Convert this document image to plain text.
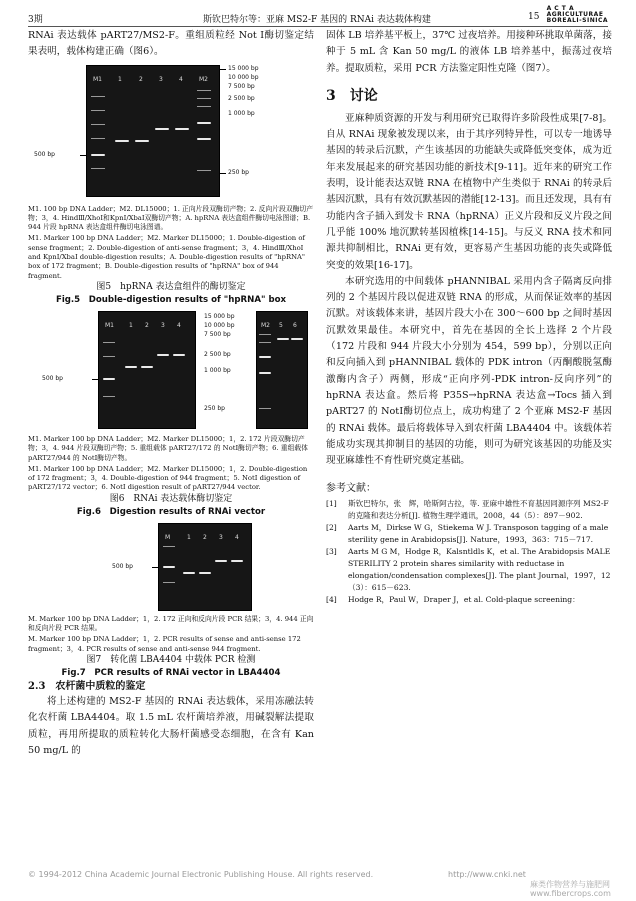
3期	斯钦巴特尔等：亚麻 MS2-F 基因的 RNAi 表达载体构建	15
A C T A
AGRICULTURAE
BOREALI-SINICA

RNAi 表达载体 pART27/MS2-F。重组质粒经 Not Ⅰ酶切鉴定结果表明，载体构建正确（图6）。

500 bp
M1	1	2	3	4	M2
15 000 bp
10 000 bp
7 500 bp
2 500 bp
1 000 bp
250 bp
M1. 100 bp DNA Ladder；M2. DL15000；1. 正向片段双酶切产物；2. 反向片段双酶切产物；3，4. HindⅢ/XhoⅠ和KpnⅠ/XbaⅠ双酶切产物；A. hpRNA 表达盒组件酶切电泳图谱；B. 944 片段 hpRNA 表达盒组件酶切电泳图谱。
M1. Marker 100 bp DNA Ladder；M2. Marker DL15000；1. Double-digestion of sense fragment；2. Double-digestion of anti-sense fragment；3，4. HindⅢ/XhoⅠ and KpnⅠ/XbaⅠ double-digestion results；A. Double-digestion results of "hpRNA" box of 172 fragment；B. Double-digestion results of "hpRNA" box of 944 fragment.
图5　hpRNA 表达盒组件的酶切鉴定
Fig.5　Double-digestion results of "hpRNA" box
500 bp
M1	1 2 3 4	M2 5 6
15 000 bp
10 000 bp
7 500 bp
2 500 bp
1 000 bp
250 bp
M1. Marker 100 bp DNA Ladder；M2. Marker DL15000；1，2. 172 片段双酶切产物；3，4. 944 片段双酶切产物；5. 重组载体 pART27/172 的 NotⅠ酶切产物；6. 重组载体 pART27/944 的 NotⅠ酶切产物。
M1. Marker 100 bp DNA Ladder；M2. Marker DL15000；1，2. Double-digestion of 172 fragment；3，4. Double-digestion of 944 fragment；5. NotⅠ digestion of pART27/172 vector；6. NotⅠ digestion result of pART27/944 vector.
图6　RNAi 表达载体酶切鉴定
Fig.6　Digestion results of RNAi vector
500 bp
M	1 2 3 4
M. Marker 100 bp DNA Ladder；1，2. 172 正向和反向片段 PCR 结果；3，4. 944 正向和反向片段 PCR 结果。
M. Marker 100 bp DNA Ladder；1，2. PCR results of sense and anti-sense 172 fragment；3，4. PCR results of sense and anti-sense 944 fragment.
图7　转化菌 LBA4404 中载体 PCR 检测
Fig.7　PCR results of RNAi vector in LBA4404
2.3　农杆菌中质粒的鉴定

将上述构建的 MS2-F 基因的 RNAi 表达载体，采用冻融法转化农杆菌 LBA4404。取 1.5 mL 农杆菌培养液，用碱裂解法提取质粒，再用所提取的质粒转化大肠杆菌感受态细胞，在含有 Kan 50 mg/L 的

固体 LB 培养基平板上，37℃ 过夜培养。用接种环挑取单菌落，接种于 5 mL 含 Kan 50 mg/L 的液体 LB 培养基中，振荡过夜培养。提取质粒，采用 PCR 方法鉴定阳性克隆（图7）。

3　讨论

亚麻种质资源的开发与利用研究已取得许多阶段性成果[7-8]。自从 RNAi 现象被发现以来，由于其序列特异性，可以专一地诱导基因的转录后沉默，产生该基因的功能缺失或降低突变体，成为近年来发展起来的研究基因功能的新技术[9-11]。近年来的研究工作表明，设计能表达双链 RNA 在植物中产生类似于 RNAi 的转录后基因沉默，具有有效沉默基因的潜能[12-13]。而且还发现，具有有功能内含子插入到发卡 RNA（hpRNA）正义片段和反义片段之间几乎能 100% 地沉默转基因植株[14-15]。与反义 RNA 技术和同源共抑制相比，RNAi 更有效，更容易产生基因功能的丧失或降低突变的效果[16-17]。

本研究选用的中间载体 pHANNIBAL 采用内含子隔离反向排列的 2 个基因片段以促进双链 RNA 的形成，从而保证效率的基因沉默。对该载体来讲，基因片段大小在 300～600 bp 之间时基因沉默效果最佳。本研究中，首先在基因的全长上选择 2 个片段（172 片段和 944 片段大小分别为 454，599 bp），分别以正向和反向插入到 pHANNIBAL 载体的 PDK intron（丙酮酸脱氢酶激酶内含子）两侧，形成“正向序列-PDK intron-反向序列”的 hpRNA 表达盒。然后将 P35S→hpRNA 表达盒→Tocs 插入到 pART27 的 NotⅠ酶切位点上，成功构建了 2 个亚麻 MS2-F 基因的 RNAi 载体。最后将载体导入到农杆菌 LBA4404 中。该载体若能成功实现其抑制目的基因的功能，则可为研究该基因的功能及实现亚麻雄性不育性研究奠定基础。

参考文献：
[1]	斯钦巴特尔，张　辉，哈斯阿古拉，等. 亚麻中雄性不育基因同源序列 MS2-F 的克隆和表达分析[J]. 植物生理学通讯，2008，44（5）：897－902.
[2]	Aarts M，Dirkse W G，Stiekema W J. Transposon tagging of a male sterility gene in Arabidopsis[J]. Nature，1993，363：715－717.
[3]	Aarts M G M，Hodge R，Kalsntldls K，et al. The Arabidopsis MALE STERILITY 2 protein shares similarity with reductase in elongation/condensation complexes[J]. The plant Journal，1997，12（3）：615－623.
[4]	Hodge R，Paul W，Draper J，et al. Cold-plaque screening：
© 1994-2012 China Academic Journal Electronic Publishing House. All rights reserved.	http://www.cnki.net
麻类作物营养与施肥网
www.fibercrops.com
